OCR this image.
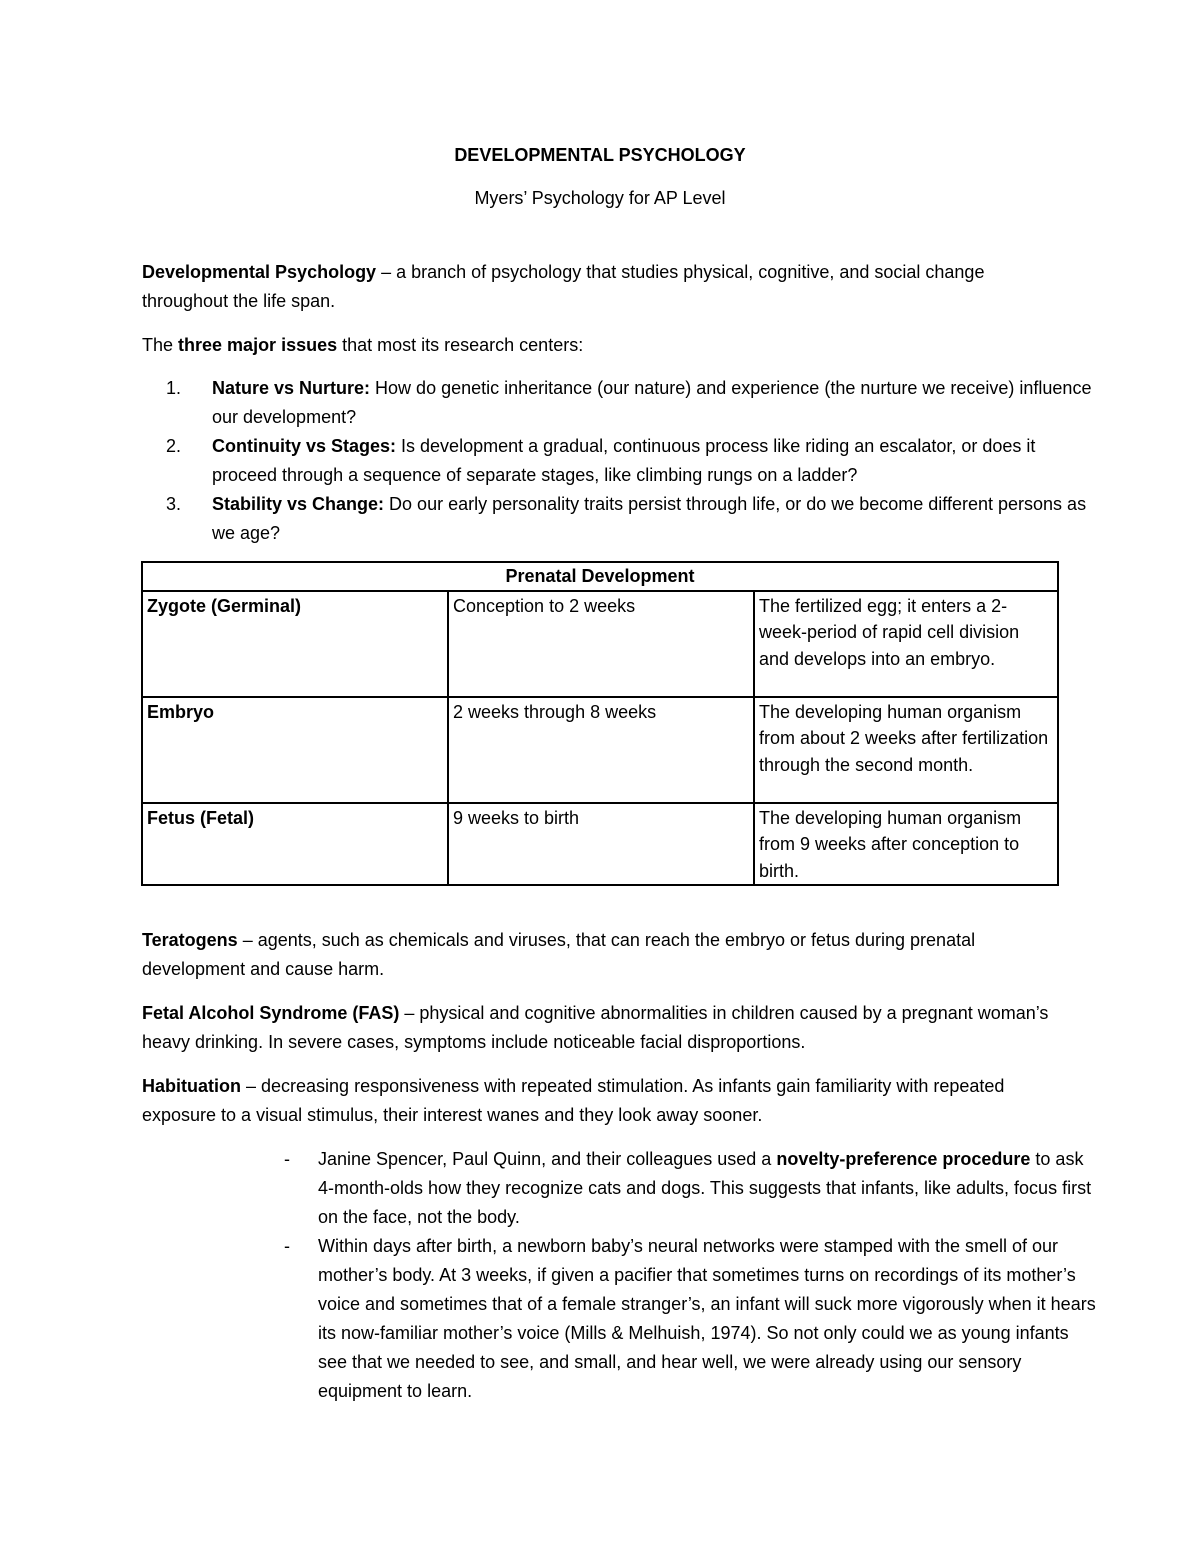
DEVELOPMENTAL PSYCHOLOGY
Myers’ Psychology for AP Level

Developmental Psychology – a branch of psychology that studies physical, cognitive, and social change throughout the life span.

The three major issues that most its research centers:

1. Nature vs Nurture: How do genetic inheritance (our nature) and experience (the nurture we receive) influence our development?
2. Continuity vs Stages: Is development a gradual, continuous process like riding an escalator, or does it proceed through a sequence of separate stages, like climbing rungs on a ladder?
3. Stability vs Change: Do our early personality traits persist through life, or do we become different persons as we age?
Prenatal Development		
Zygote (Germinal)	Conception to 2 weeks	The fertilized egg; it enters a 2-week-period of rapid cell division and develops into an embryo.
Embryo	2 weeks through 8 weeks	The developing human organism from about 2 weeks after fertilization through the second month.
Fetus (Fetal)	9 weeks to birth	The developing human organism from 9 weeks after conception to birth.

Teratogens – agents, such as chemicals and viruses, that can reach the embryo or fetus during prenatal development and cause harm.

Fetal Alcohol Syndrome (FAS) – physical and cognitive abnormalities in children caused by a pregnant woman’s heavy drinking. In severe cases, symptoms include noticeable facial disproportions.

Habituation – decreasing responsiveness with repeated stimulation. As infants gain familiarity with repeated exposure to a visual stimulus, their interest wanes and they look away sooner.

- Janine Spencer, Paul Quinn, and their colleagues used a novelty-preference procedure to ask 4-month-olds how they recognize cats and dogs. This suggests that infants, like adults, focus first on the face, not the body.
- Within days after birth, a newborn baby’s neural networks were stamped with the smell of our mother’s body. At 3 weeks, if given a pacifier that sometimes turns on recordings of its mother’s voice and sometimes that of a female stranger’s, an infant will suck more vigorously when it hears its now-familiar mother’s voice (Mills & Melhuish, 1974). So not only could we as young infants see that we needed to see, and small, and hear well, we were already using our sensory equipment to learn.
